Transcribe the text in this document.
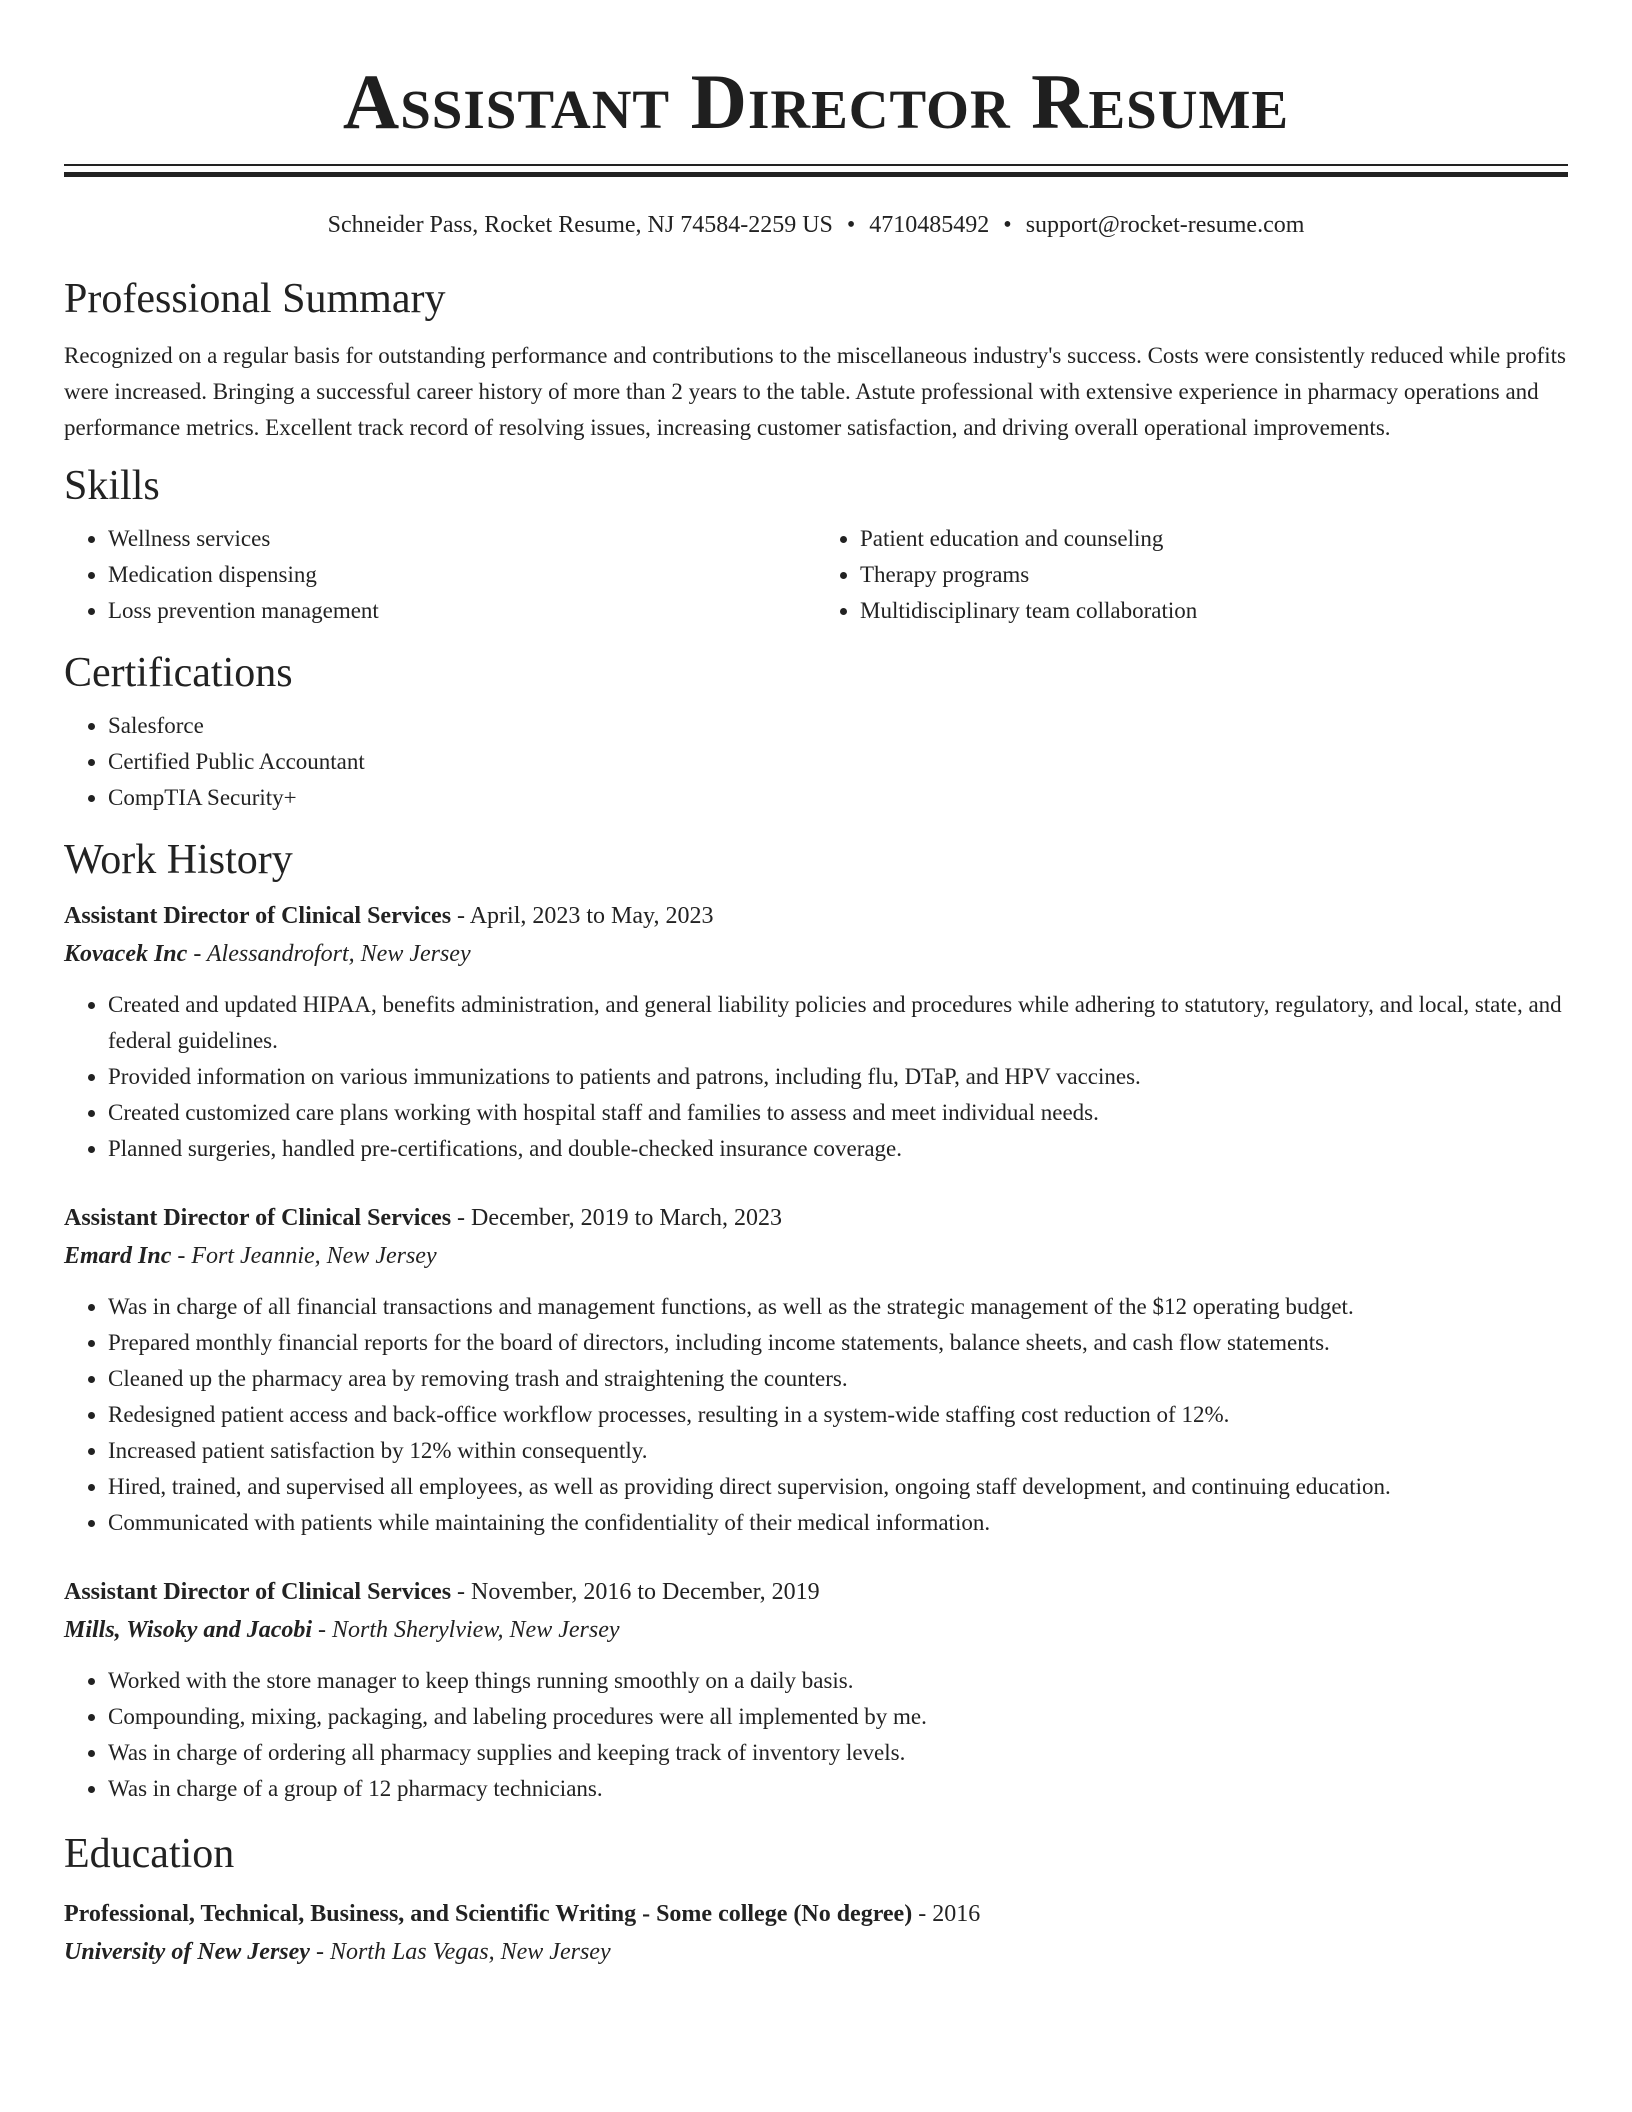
Assistant Director Resume
Schneider Pass, Rocket Resume, NJ 74584-2259 US • 4710485492 • support@rocket-resume.com
Professional Summary

Recognized on a regular basis for outstanding performance and contributions to the miscellaneous industry's success. Costs were consistently reduced while profits were increased. Bringing a successful career history of more than 2 years to the table. Astute professional with extensive experience in pharmacy operations and performance metrics. Excellent track record of resolving issues, increasing customer satisfaction, and driving overall operational improvements.

Skills
• Wellness services
• Medication dispensing
• Loss prevention management
• Patient education and counseling
• Therapy programs
• Multidisciplinary team collaboration
Certifications
• Salesforce
• Certified Public Accountant
• CompTIA Security+
Work History
Assistant Director of Clinical Services - April, 2023 to May, 2023
Kovacek Inc - Alessandrofort, New Jersey
• Created and updated HIPAA, benefits administration, and general liability policies and procedures while adhering to statutory, regulatory, and local, state, and federal guidelines.
• Provided information on various immunizations to patients and patrons, including flu, DTaP, and HPV vaccines.
• Created customized care plans working with hospital staff and families to assess and meet individual needs.
• Planned surgeries, handled pre-certifications, and double-checked insurance coverage.
Assistant Director of Clinical Services - December, 2019 to March, 2023
Emard Inc - Fort Jeannie, New Jersey
• Was in charge of all financial transactions and management functions, as well as the strategic management of the $12 operating budget.
• Prepared monthly financial reports for the board of directors, including income statements, balance sheets, and cash flow statements.
• Cleaned up the pharmacy area by removing trash and straightening the counters.
• Redesigned patient access and back-office workflow processes, resulting in a system-wide staffing cost reduction of 12%.
• Increased patient satisfaction by 12% within consequently.
• Hired, trained, and supervised all employees, as well as providing direct supervision, ongoing staff development, and continuing education.
• Communicated with patients while maintaining the confidentiality of their medical information.
Assistant Director of Clinical Services - November, 2016 to December, 2019
Mills, Wisoky and Jacobi - North Sherylview, New Jersey
• Worked with the store manager to keep things running smoothly on a daily basis.
• Compounding, mixing, packaging, and labeling procedures were all implemented by me.
• Was in charge of ordering all pharmacy supplies and keeping track of inventory levels.
• Was in charge of a group of 12 pharmacy technicians.
Education
Professional, Technical, Business, and Scientific Writing - Some college (No degree) - 2016
University of New Jersey - North Las Vegas, New Jersey
